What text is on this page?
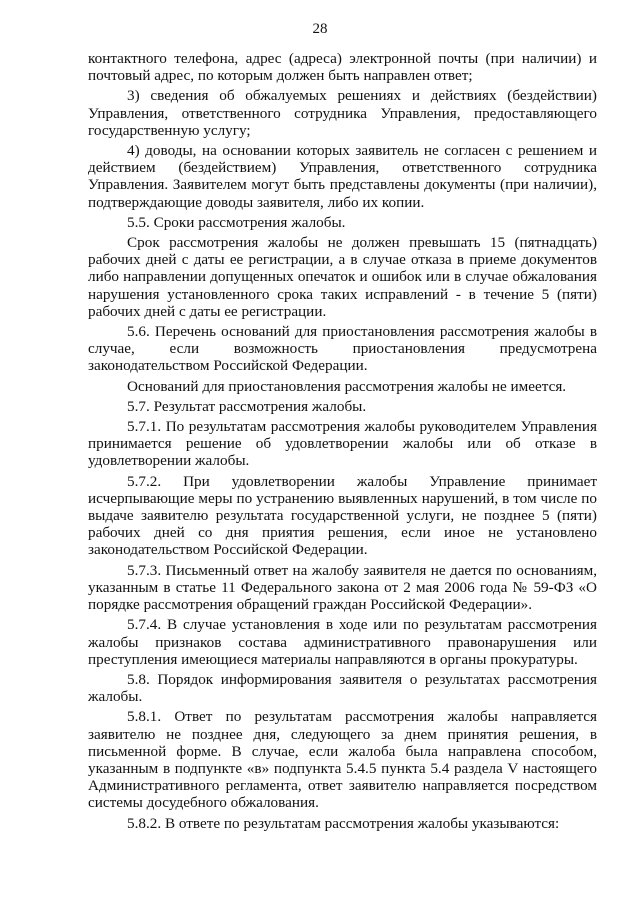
28

контактного телефона, адрес (адреса) электронной почты (при наличии) и почтовый адрес, по которым должен быть направлен ответ;

3) сведения об обжалуемых решениях и действиях (бездействии) Управления, ответственного сотрудника Управления, предоставляющего государственную услугу;

4) доводы, на основании которых заявитель не согласен с решением и действием (бездействием) Управления, ответственного сотрудника Управления. Заявителем могут быть представлены документы (при наличии), подтверждающие доводы заявителя, либо их копии.

5.5. Сроки рассмотрения жалобы.

Срок рассмотрения жалобы не должен превышать 15 (пятнадцать) рабочих дней с даты ее регистрации, а в случае отказа в приеме документов либо направлении допущенных опечаток и ошибок или в случае обжалования нарушения установленного срока таких исправлений - в течение 5 (пяти) рабочих дней с даты ее регистрации.

5.6. Перечень оснований для приостановления рассмотрения жалобы в случае, если возможность приостановления предусмотрена законодательством Российской Федерации.

Оснований для приостановления рассмотрения жалобы не имеется.

5.7. Результат рассмотрения жалобы.

5.7.1. По результатам рассмотрения жалобы руководителем Управления принимается решение об удовлетворении жалобы или об отказе в удовлетворении жалобы.

5.7.2. При удовлетворении жалобы Управление принимает исчерпывающие меры по устранению выявленных нарушений, в том числе по выдаче заявителю результата государственной услуги, не позднее 5 (пяти) рабочих дней со дня приятия решения, если иное не установлено законодательством Российской Федерации.

5.7.3. Письменный ответ на жалобу заявителя не дается по основаниям, указанным в статье 11 Федерального закона от 2 мая 2006 года № 59-ФЗ «О порядке рассмотрения обращений граждан Российской Федерации».

5.7.4. В случае установления в ходе или по результатам рассмотрения жалобы признаков состава административного правонарушения или преступления имеющиеся материалы направляются в органы прокуратуры.

5.8. Порядок информирования заявителя о результатах рассмотрения жалобы.

5.8.1. Ответ по результатам рассмотрения жалобы направляется заявителю не позднее дня, следующего за днем принятия решения, в письменной форме. В случае, если жалоба была направлена способом, указанным в подпункте «в» подпункта 5.4.5 пункта 5.4 раздела V настоящего Административного регламента, ответ заявителю направляется посредством системы досудебного обжалования.

5.8.2. В ответе по результатам рассмотрения жалобы указываются:
